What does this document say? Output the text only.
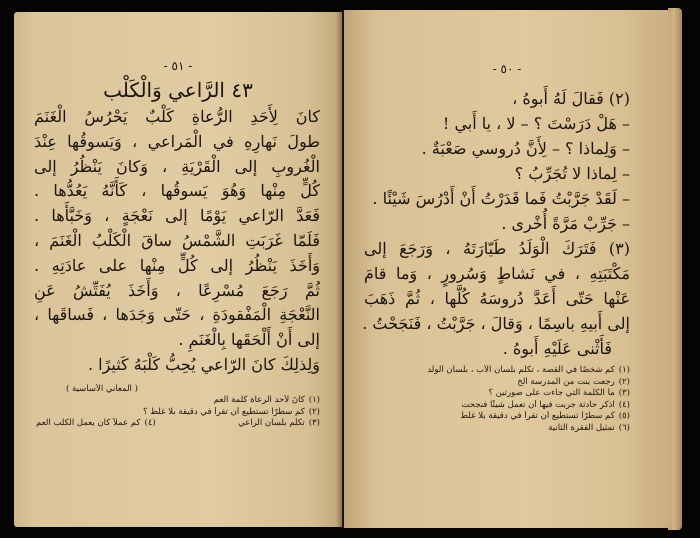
- ٥١ -
٤٣ الرَّاعي وَالْكَلْب
كانَ لِأَحَدِ الرُّعاةِ كَلْبٌ يَحْرُسُ الْغَنَمَ
طولَ نَهارِهِ في الْمَراعي ، وَيَسوقُها عِنْدَ
الْغُروبِ إلى الْقَرْيَةِ ، وَكانَ يَنْظُرُ إلى
كُلٍّ مِنْها وَهُوَ يَسوقُها ، كَأَنَّهُ يَعُدُّها .
فَعَدَّ الرّاعي يَوْمًا إلى نَعْجَةٍ ، وَخَبَّأَها .
فَلَمّا غَرَبَتِ الشَّمْسُ ساقَ الْكَلْبُ الْغَنَمَ ،
وَأَخَذَ يَنْظُرُ إلى كُلٍّ مِنْها على عادَتِهِ .
ثُمَّ رَجَعَ مُسْرِعًا ، وَأَخَذَ يُفَتِّشُ عَنِ
النَّعْجَةِ الْمَفْقودَةِ ، حَتّى وَجَدَها ، فَساقَها ،
إلى أَنْ أَلْحَقَها بِالْغَنَمِ .
وَلِذلِكَ كانَ الرّاعي يُحِبُّ كَلْبَهُ كَثيرًا .
( المعاني الأساسية )
(١)كانَ لأحد الرعاة كلمة العم
(٢)كم سطرًا تستطيع أن تقرأ في دقيقة بلا غلط ؟
(٣)تكلّم بلسان الراعي
(٤)كم عملاً كان يعمل الكلب العم
- ٥٠ -
(٢) فَقالَ لَهُ أَبوهُ ،
– هَلْ دَرَسْتَ ؟ – لا ، يا أَبي !
– وَلِماذا ؟ – لِأَنَّ دُروسي صَعْبَةٌ .
– لِماذا لا تُجَرِّبُ ؟
– لَقَدْ جَرَّبْتُ فَما قَدَرْتُ أَنْ أَدْرُسَ شَيْئًا .
– جَرِّبْ مَرَّةً أُخْرى .
(٣) فَتَرَكَ الْوَلَدُ طَيّارَتَهُ ، وَرَجَعَ إلى
مَكْتَبَتِهِ ، في نَشاطٍ وَسُرورٍ ، وَما قامَ
عَنْها حَتّى أَعَدَّ دُروسَهُ كُلَّها ، ثُمَّ ذَهَبَ
إلى أَبيهِ باسِمًا ، وَقالَ ، جَرَّبْتُ ، فَنَجَحْتُ .
فَأَثْنى عَلَيْهِ أَبوهُ .
(١)كم شخصًا في القصة ، تكلم بلسان الأب ، بلسان الولد
(٢)رجعت بنت من المدرسة الخ
(٣)ما الكلمة التي جاءت على صورتين ؟
(٤)اذكر حادثة جربت فيها أن تعمل شيئًا فنجحت
(٥)كم سطرًا تستطيع أن تقرأ في دقيقة بلا غلط
(٦)تمثيل الفقرة الثانية
